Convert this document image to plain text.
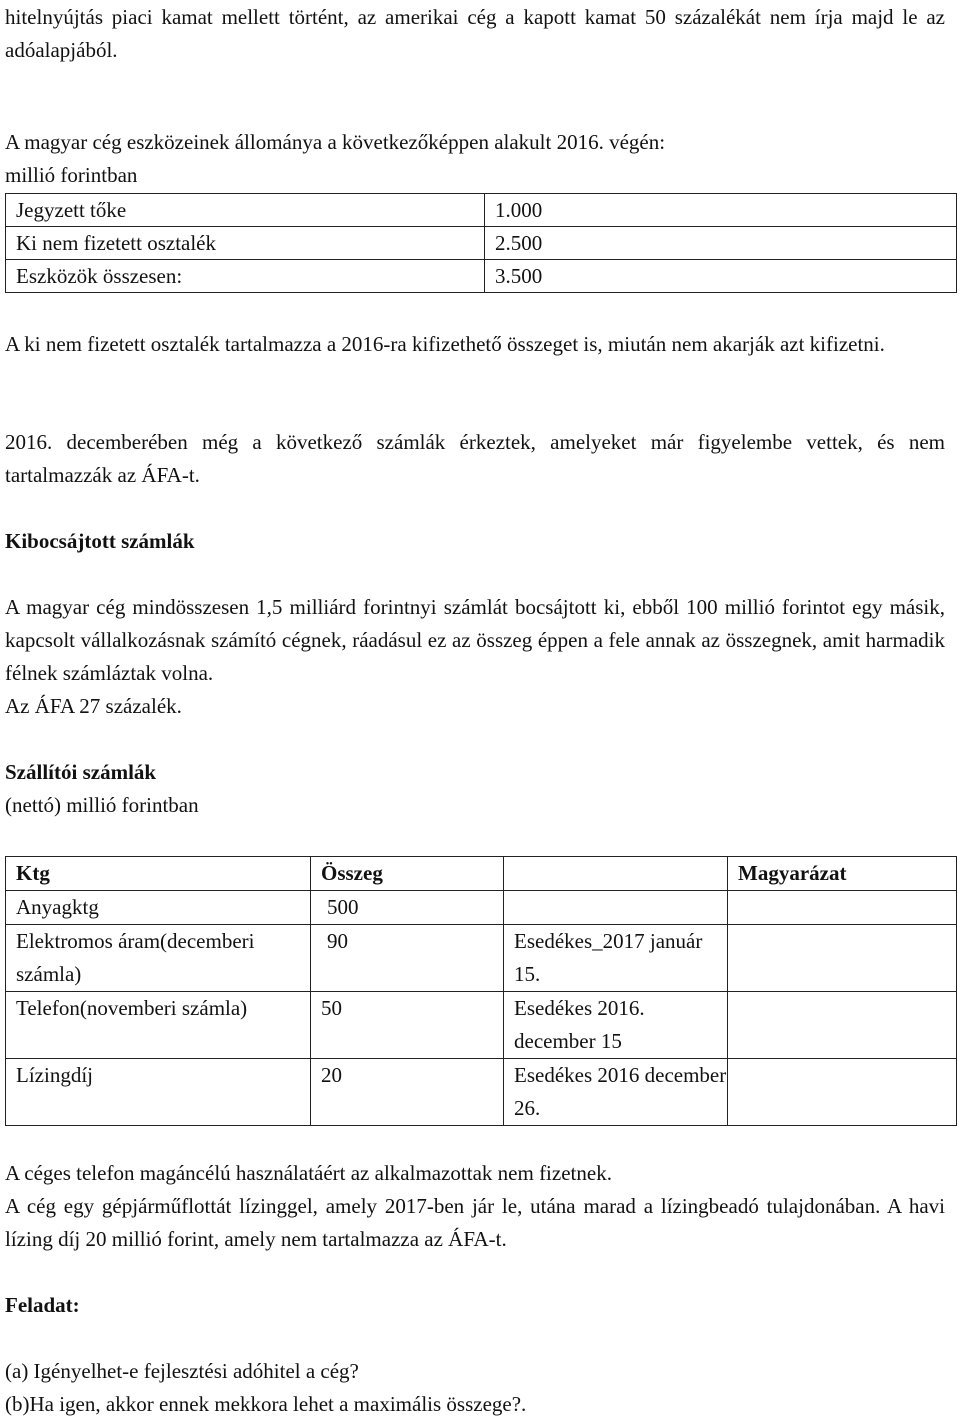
hitelnyújtás piaci kamat mellett történt, az amerikai cég a kapott kamat 50 százalékát nem írja majd le az adóalapjából.

A magyar cég eszközeinek állománya a következőképpen alakult 2016. végén:

millió forintban

Jegyzett tőke	1.000
Ki nem fizetett osztalék	2.500
Eszközök összesen:	3.500

A ki nem fizetett osztalék tartalmazza a 2016-ra kifizethető összeget is, miután nem akarják azt kifizetni.

2016. decemberében még a következő számlák érkeztek, amelyeket már figyelembe vettek, és nem tartalmazzák az ÁFA-t.

Kibocsájtott számlák

A magyar cég mindösszesen 1,5 milliárd forintnyi számlát bocsájtott ki, ebből 100 millió forintot egy másik, kapcsolt vállalkozásnak számító cégnek, ráadásul ez az összeg éppen a fele annak az összegnek, amit harmadik félnek számláztak volna.

Az ÁFA 27 százalék.

Szállítói számlák

(nettó) millió forintban

Ktg	Összeg		Magyarázat
Anyagktg	500		
Elektromos áram(decemberi számla)	90	Esedékes_2017 január 15.	
Telefon(novemberi számla)	50	Esedékes 2016. december 15	
Lízingdíj	20	Esedékes 2016 december 26.	

A céges telefon magáncélú használatáért az alkalmazottak nem fizetnek.

A cég egy gépjárműflottát lízinggel, amely 2017-ben jár le, utána marad a lízingbeadó tulajdonában. A havi lízing díj 20 millió forint, amely nem tartalmazza az ÁFA-t.

Feladat:

(a) Igényelhet-e fejlesztési adóhitel a cég?

(b)Ha igen, akkor ennek mekkora lehet a maximális összege?.
